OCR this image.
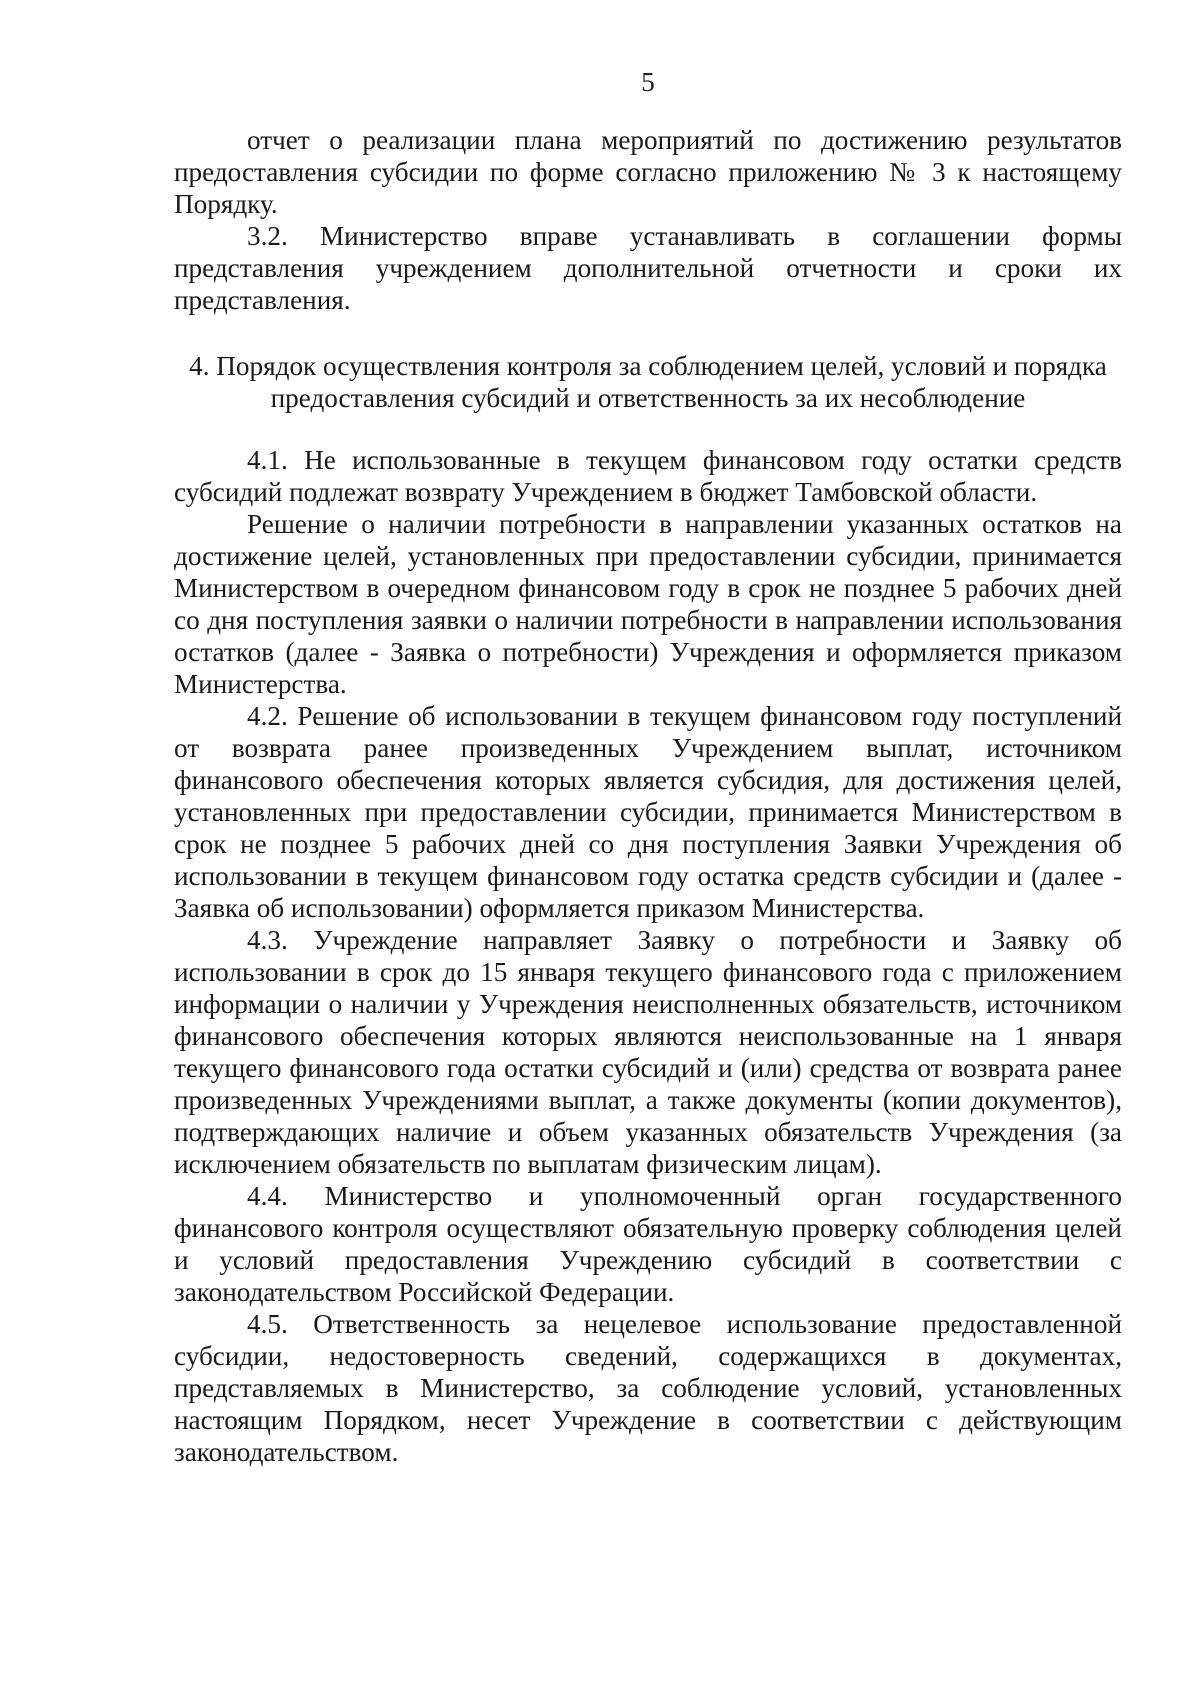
5

отчет о реализации плана мероприятий по достижению результатов предоставления субсидии по форме согласно приложению № 3 к настоящему Порядку.

3.2. Министерство вправе устанавливать в соглашении формы представления учреждением дополнительной отчетности и сроки их представления.

4. Порядок осуществления контроля за соблюдением целей, условий и порядка предоставления субсидий и ответственность за их несоблюдение

4.1. Не использованные в текущем финансовом году остатки средств субсидий подлежат возврату Учреждением в бюджет Тамбовской области.

Решение о наличии потребности в направлении указанных остатков на достижение целей, установленных при предоставлении субсидии, принимается Министерством в очередном финансовом году в срок не позднее 5 рабочих дней со дня поступления заявки о наличии потребности в направлении использования остатков (далее - Заявка о потребности) Учреждения и оформляется приказом Министерства.

4.2. Решение об использовании в текущем финансовом году поступлений от возврата ранее произведенных Учреждением выплат, источником финансового обеспечения которых является субсидия, для достижения целей, установленных при предоставлении субсидии, принимается Министерством в срок не позднее 5 рабочих дней со дня поступления Заявки Учреждения об использовании в текущем финансовом году остатка средств субсидии и (далее - Заявка об использовании) оформляется приказом Министерства.

4.3. Учреждение направляет Заявку о потребности и Заявку об использовании в срок до 15 января текущего финансового года с приложением информации о наличии у Учреждения неисполненных обязательств, источником финансового обеспечения которых являются неиспользованные на 1 января текущего финансового года остатки субсидий и (или) средства от возврата ранее произведенных Учреждениями выплат, а также документы (копии документов), подтверждающих наличие и объем указанных обязательств Учреждения (за исключением обязательств по выплатам физическим лицам).

4.4. Министерство и уполномоченный орган государственного финансового контроля осуществляют обязательную проверку соблюдения целей и условий предоставления Учреждению субсидий в соответствии с законодательством Российской Федерации.

4.5. Ответственность за нецелевое использование предоставленной субсидии, недостоверность сведений, содержащихся в документах, представляемых в Министерство, за соблюдение условий, установленных настоящим Порядком, несет Учреждение в соответствии с действующим законодательством.
